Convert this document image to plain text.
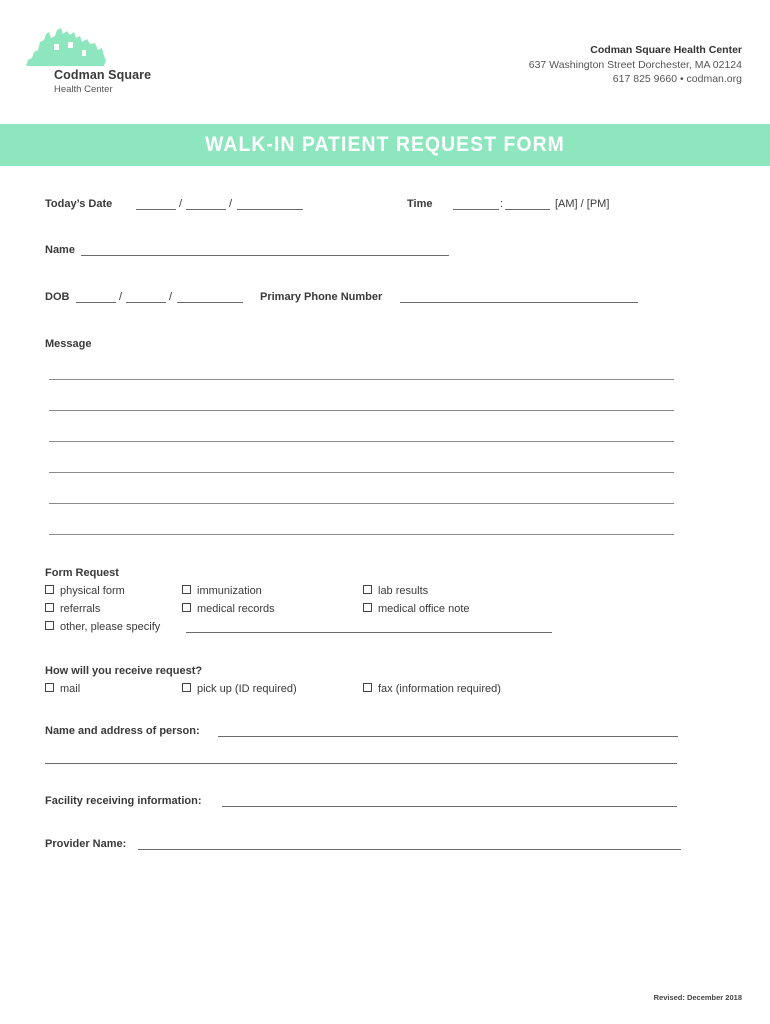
Codman Square
Health Center
Codman Square Health Center
637 Washington Street Dorchester, MA 02124
617 825 9660 • codman.org
WALK-IN PATIENT REQUEST FORM
Today’s Date	/	/	Time	:	[AM] / [PM]
Name
DOB	/	/	Primary Phone Number
Message
Form Request
physical form	immunization	lab results
referrals	medical records	medical office note
other, please specify
How will you receive request?
mail	pick up (ID required)	fax (information required)
Name and address of person:
Facility receiving information:
Provider Name:
Revised: December 2018
